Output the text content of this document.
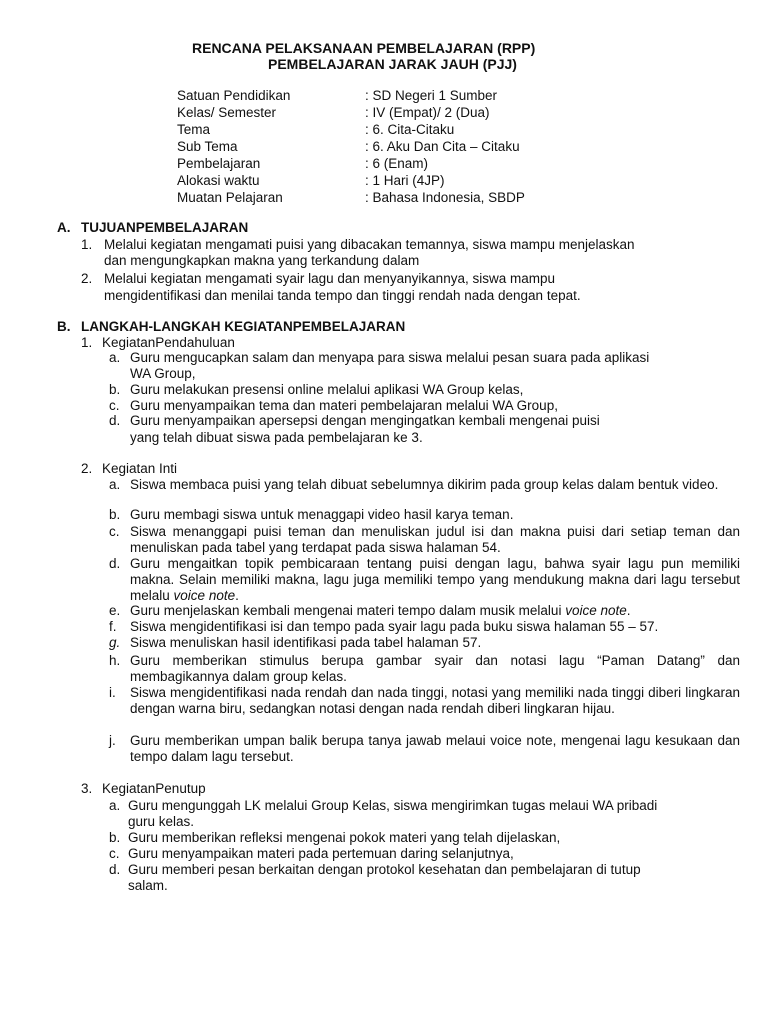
RENCANA PELAKSANAAN PEMBELAJARAN (RPP)
PEMBELAJARAN JARAK JAUH (PJJ)
Satuan Pendidikan	: SD Negeri 1 Sumber
Kelas/ Semester	: IV (Empat)/ 2 (Dua)
Tema	: 6. Cita-Citaku
Sub Tema	: 6. Aku Dan Cita – Citaku
Pembelajaran	: 6 (Enam)
Alokasi waktu	: 1 Hari (4JP)
Muatan Pelajaran	: Bahasa Indonesia, SBDP
A. TUJUANPEMBELAJARAN
1. Melalui kegiatan mengamati puisi yang dibacakan temannya, siswa mampu menjelaskan
dan mengungkapkan makna yang terkandung dalam
2. Melalui kegiatan mengamati syair lagu dan menyanyikannya, siswa mampu
mengidentifikasi dan menilai tanda tempo dan tinggi rendah nada dengan tepat.
B. LANGKAH-LANGKAH KEGIATANPEMBELAJARAN
1. KegiatanPendahuluan
a. Guru mengucapkan salam dan menyapa para siswa melalui pesan suara pada aplikasi
WA Group,
b. Guru melakukan presensi online melalui aplikasi WA Group kelas,
c. Guru menyampaikan tema dan materi pembelajaran melalui WA Group,
d. Guru menyampaikan apersepsi dengan mengingatkan kembali mengenai puisi
yang telah dibuat siswa pada pembelajaran ke 3.
2. Kegiatan Inti
a. Siswa membaca puisi yang telah dibuat sebelumnya dikirim pada group kelas dalam bentuk video.
b. Guru membagi siswa untuk menaggapi video hasil karya teman.
c. Siswa menanggapi puisi teman dan menuliskan judul isi dan makna puisi dari setiap teman dan menuliskan pada tabel yang terdapat pada siswa halaman 54.
d. Guru mengaitkan topik pembicaraan tentang puisi dengan lagu, bahwa syair lagu pun memiliki makna. Selain memiliki makna, lagu juga memiliki tempo yang mendukung makna dari lagu tersebut melalu voice note.
e. Guru menjelaskan kembali mengenai materi tempo dalam musik melalui voice note.
f. Siswa mengidentifikasi isi dan tempo pada syair lagu pada buku siswa halaman 55 – 57.
g. Siswa menuliskan hasil identifikasi pada tabel halaman 57.
h. Guru memberikan stimulus berupa gambar syair dan notasi lagu “Paman Datang” dan membagikannya dalam group kelas.
i. Siswa mengidentifikasi nada rendah dan nada tinggi, notasi yang memiliki nada tinggi diberi lingkaran dengan warna biru, sedangkan notasi dengan nada rendah diberi lingkaran hijau.
j. Guru memberikan umpan balik berupa tanya jawab melaui voice note, mengenai lagu kesukaan dan tempo dalam lagu tersebut.
3. KegiatanPenutup
a. Guru mengunggah LK melalui Group Kelas, siswa mengirimkan tugas melaui WA pribadi
guru kelas.
b. Guru memberikan refleksi mengenai pokok materi yang telah dijelaskan,
c. Guru menyampaikan materi pada pertemuan daring selanjutnya,
d. Guru memberi pesan berkaitan dengan protokol kesehatan dan pembelajaran di tutup
salam.
